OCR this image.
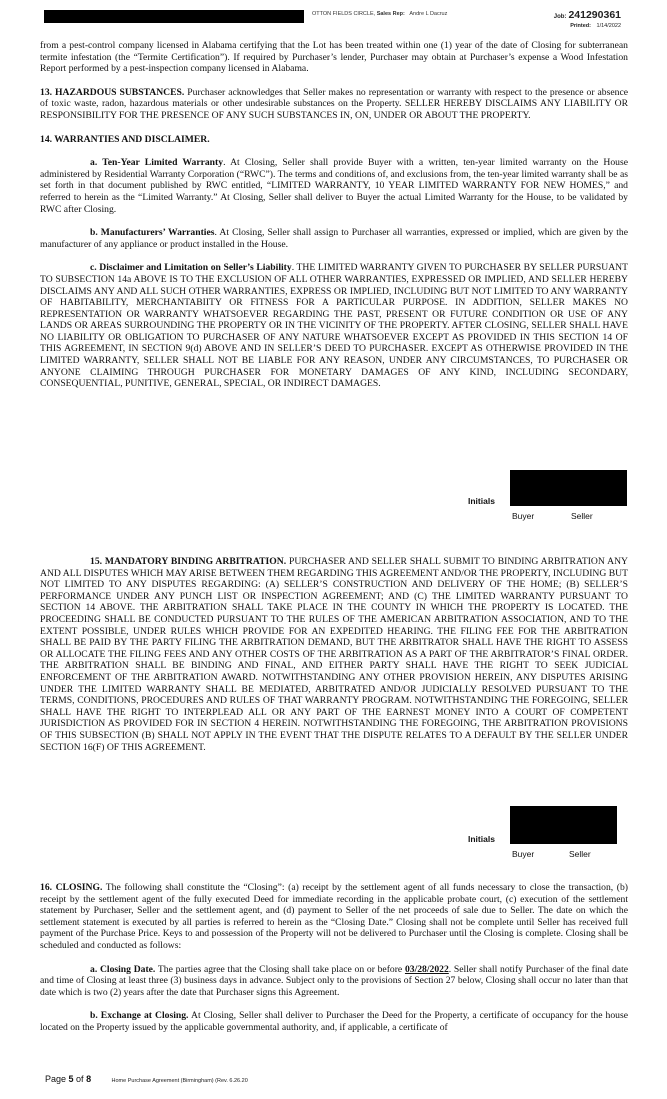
OTTON FIELDS CIRCLE, Sales Rep: Andre L Dacruz	Job: 241290361
Printed: 1/14/2022

from a pest-control company licensed in Alabama certifying that the Lot has been treated within one (1) year of the date of Closing for subterranean termite infestation (the “Termite Certification”). If required by Purchaser’s lender, Purchaser may obtain at Purchaser’s expense a Wood Infestation Report performed by a pest-inspection company licensed in Alabama.

13. HAZARDOUS SUBSTANCES. Purchaser acknowledges that Seller makes no representation or warranty with respect to the presence or absence of toxic waste, radon, hazardous materials or other undesirable substances on the Property. SELLER HEREBY DISCLAIMS ANY LIABILITY OR RESPONSIBILITY FOR THE PRESENCE OF ANY SUCH SUBSTANCES IN, ON, UNDER OR ABOUT THE PROPERTY.

14. WARRANTIES AND DISCLAIMER.

a. Ten-Year Limited Warranty. At Closing, Seller shall provide Buyer with a written, ten-year limited warranty on the House administered by Residential Warranty Corporation (“RWC”). The terms and conditions of, and exclusions from, the ten-year limited warranty shall be as set forth in that document published by RWC entitled, “LIMITED WARRANTY, 10 YEAR LIMITED WARRANTY FOR NEW HOMES,” and referred to herein as the “Limited Warranty.” At Closing, Seller shall deliver to Buyer the actual Limited Warranty for the House, to be validated by RWC after Closing.

b. Manufacturers’ Warranties. At Closing, Seller shall assign to Purchaser all warranties, expressed or implied, which are given by the manufacturer of any appliance or product installed in the House.

c. Disclaimer and Limitation on Seller’s Liability. THE LIMITED WARRANTY GIVEN TO PURCHASER BY SELLER PURSUANT TO SUBSECTION 14a ABOVE IS TO THE EXCLUSION OF ALL OTHER WARRANTIES, EXPRESSED OR IMPLIED, AND SELLER HEREBY DISCLAIMS ANY AND ALL SUCH OTHER WARRANTIES, EXPRESS OR IMPLIED, INCLUDING BUT NOT LIMITED TO ANY WARRANTY OF HABITABILITY, MERCHANTABIITY OR FITNESS FOR A PARTICULAR PURPOSE. IN ADDITION, SELLER MAKES NO REPRESENTATION OR WARRANTY WHATSOEVER REGARDING THE PAST, PRESENT OR FUTURE CONDITION OR USE OF ANY LANDS OR AREAS SURROUNDING THE PROPERTY OR IN THE VICINITY OF THE PROPERTY. AFTER CLOSING, SELLER SHALL HAVE NO LIABILITY OR OBLIGATION TO PURCHASER OF ANY NATURE WHATSOEVER EXCEPT AS PROVIDED IN THIS SECTION 14 OF THIS AGREEMENT, IN SECTION 9(d) ABOVE AND IN SELLER’S DEED TO PURCHASER. EXCEPT AS OTHERWISE PROVIDED IN THE LIMITED WARRANTY, SELLER SHALL NOT BE LIABLE FOR ANY REASON, UNDER ANY CIRCUMSTANCES, TO PURCHASER OR ANYONE CLAIMING THROUGH PURCHASER FOR MONETARY DAMAGES OF ANY KIND, INCLUDING SECONDARY, CONSEQUENTIAL, PUNITIVE, GENERAL, SPECIAL, OR INDIRECT DAMAGES.

Initials
Buyer	Seller

15. MANDATORY BINDING ARBITRATION. PURCHASER AND SELLER SHALL SUBMIT TO BINDING ARBITRATION ANY AND ALL DISPUTES WHICH MAY ARISE BETWEEN THEM REGARDING THIS AGREEMENT AND/OR THE PROPERTY, INCLUDING BUT NOT LIMITED TO ANY DISPUTES REGARDING: (A) SELLER’S CONSTRUCTION AND DELIVERY OF THE HOME; (B) SELLER’S PERFORMANCE UNDER ANY PUNCH LIST OR INSPECTION AGREEMENT; AND (C) THE LIMITED WARRANTY PURSUANT TO SECTION 14 ABOVE. THE ARBITRATION SHALL TAKE PLACE IN THE COUNTY IN WHICH THE PROPERTY IS LOCATED. THE PROCEEDING SHALL BE CONDUCTED PURSUANT TO THE RULES OF THE AMERICAN ARBITRATION ASSOCIATION, AND TO THE EXTENT POSSIBLE, UNDER RULES WHICH PROVIDE FOR AN EXPEDITED HEARING. THE FILING FEE FOR THE ARBITRATION SHALL BE PAID BY THE PARTY FILING THE ARBITRATION DEMAND, BUT THE ARBITRATOR SHALL HAVE THE RIGHT TO ASSESS OR ALLOCATE THE FILING FEES AND ANY OTHER COSTS OF THE ARBITRATION AS A PART OF THE ARBITRATOR’S FINAL ORDER. THE ARBITRATION SHALL BE BINDING AND FINAL, AND EITHER PARTY SHALL HAVE THE RIGHT TO SEEK JUDICIAL ENFORCEMENT OF THE ARBITRATION AWARD. NOTWITHSTANDING ANY OTHER PROVISION HEREIN, ANY DISPUTES ARISING UNDER THE LIMITED WARRANTY SHALL BE MEDIATED, ARBITRATED AND/OR JUDICIALLY RESOLVED PURSUANT TO THE TERMS, CONDITIONS, PROCEDURES AND RULES OF THAT WARRANTY PROGRAM. NOTWITHSTANDING THE FOREGOING, SELLER SHALL HAVE THE RIGHT TO INTERPLEAD ALL OR ANY PART OF THE EARNEST MONEY INTO A COURT OF COMPETENT JURISDICTION AS PROVIDED FOR IN SECTION 4 HEREIN. NOTWITHSTANDING THE FOREGOING, THE ARBITRATION PROVISIONS OF THIS SUBSECTION (B) SHALL NOT APPLY IN THE EVENT THAT THE DISPUTE RELATES TO A DEFAULT BY THE SELLER UNDER SECTION 16(F) OF THIS AGREEMENT.

Initials
Buyer	Seller

16. CLOSING. The following shall constitute the “Closing”: (a) receipt by the settlement agent of all funds necessary to close the transaction, (b) receipt by the settlement agent of the fully executed Deed for immediate recording in the applicable probate court, (c) execution of the settlement statement by Purchaser, Seller and the settlement agent, and (d) payment to Seller of the net proceeds of sale due to Seller. The date on which the settlement statement is executed by all parties is referred to herein as the “Closing Date.” Closing shall not be complete until Seller has received full payment of the Purchase Price. Keys to and possession of the Property will not be delivered to Purchaser until the Closing is complete. Closing shall be scheduled and conducted as follows:

a. Closing Date. The parties agree that the Closing shall take place on or before 03/28/2022. Seller shall notify Purchaser of the final date and time of Closing at least three (3) business days in advance. Subject only to the provisions of Section 27 below, Closing shall occur no later than that date which is two (2) years after the date that Purchaser signs this Agreement.

b. Exchange at Closing. At Closing, Seller shall deliver to Purchaser the Deed for the Property, a certificate of occupancy for the house located on the Property issued by the applicable governmental authority, and, if applicable, a certificate of

Page 5 of 8	Home Purchase Agreement (Birmingham) (Rev. 6.26.20
